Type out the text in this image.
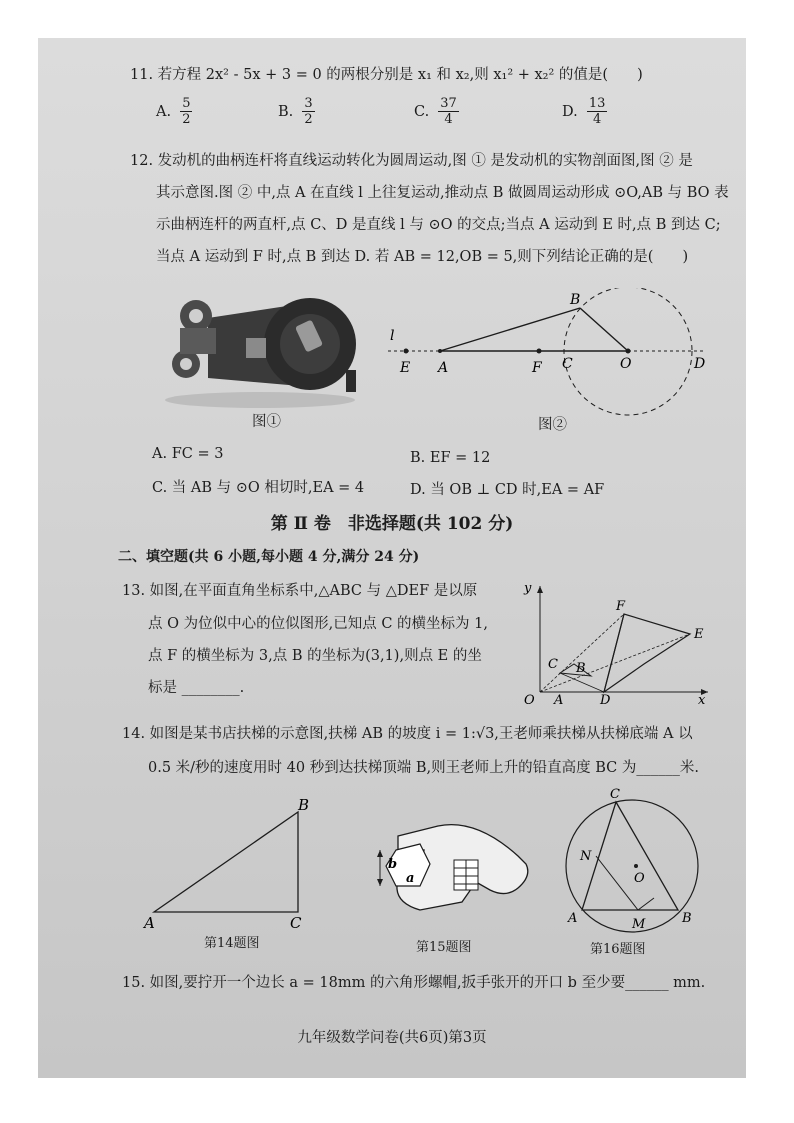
11. 若方程 2x² - 5x + 3 = 0 的两根分别是 x₁ 和 x₂,则 x₁² + x₂² 的值是(　　)
A. $\frac{5}{2}$	B. $\frac{3}{2}$	C. $\frac{37}{4}$	D. $\frac{13}{4}$
12. 发动机的曲柄连杆将直线运动转化为圆周运动,图 ① 是发动机的实物剖面图,图 ② 是
其示意图.图 ② 中,点 A 在直线 l 上往复运动,推动点 B 做圆周运动形成 ⊙O,AB 与 BO 表
示曲柄连杆的两直杆,点 C、D 是直线 l 与 ⊙O 的交点;当点 A 运动到 E 时,点 B 到达 C;
当点 A 运动到 F 时,点 B 到达 D. 若 AB = 12,OB = 5,则下列结论正确的是(　　)
图①
l
E A	F C	O	D
B
图②
A. FC = 3	B. EF = 12
C. 当 AB 与 ⊙O 相切时,EA = 4	D. 当 OB ⊥ CD 时,EA = AF
第 Ⅱ 卷　非选择题(共 102 分)
二、填空题(共 6 小题,每小题 4 分,满分 24 分)
13. 如图,在平面直角坐标系中,△ABC 与 △DEF 是以原
点 O 为位似中心的位似图形,已知点 C 的横坐标为 1,
点 F 的横坐标为 3,点 B 的坐标为(3,1),则点 E 的坐
标是 ________.
y
x
O A
B
C
D
E
F
14. 如图是某书店扶梯的示意图,扶梯 AB 的坡度 i = 1:√3,王老师乘扶梯从扶梯底端 A 以
0.5 米/秒的速度用时 40 秒到达扶梯顶端 B,则王老师上升的铅直高度 BC 为______米.
A
B
C
第14题图
b
a
第15题图
C
N
O
A	M	B
第16题图
15. 如图,要拧开一个边长 a = 18mm 的六角形螺帽,扳手张开的开口 b 至少要______ mm.
九年级数学问卷(共6页)第3页
